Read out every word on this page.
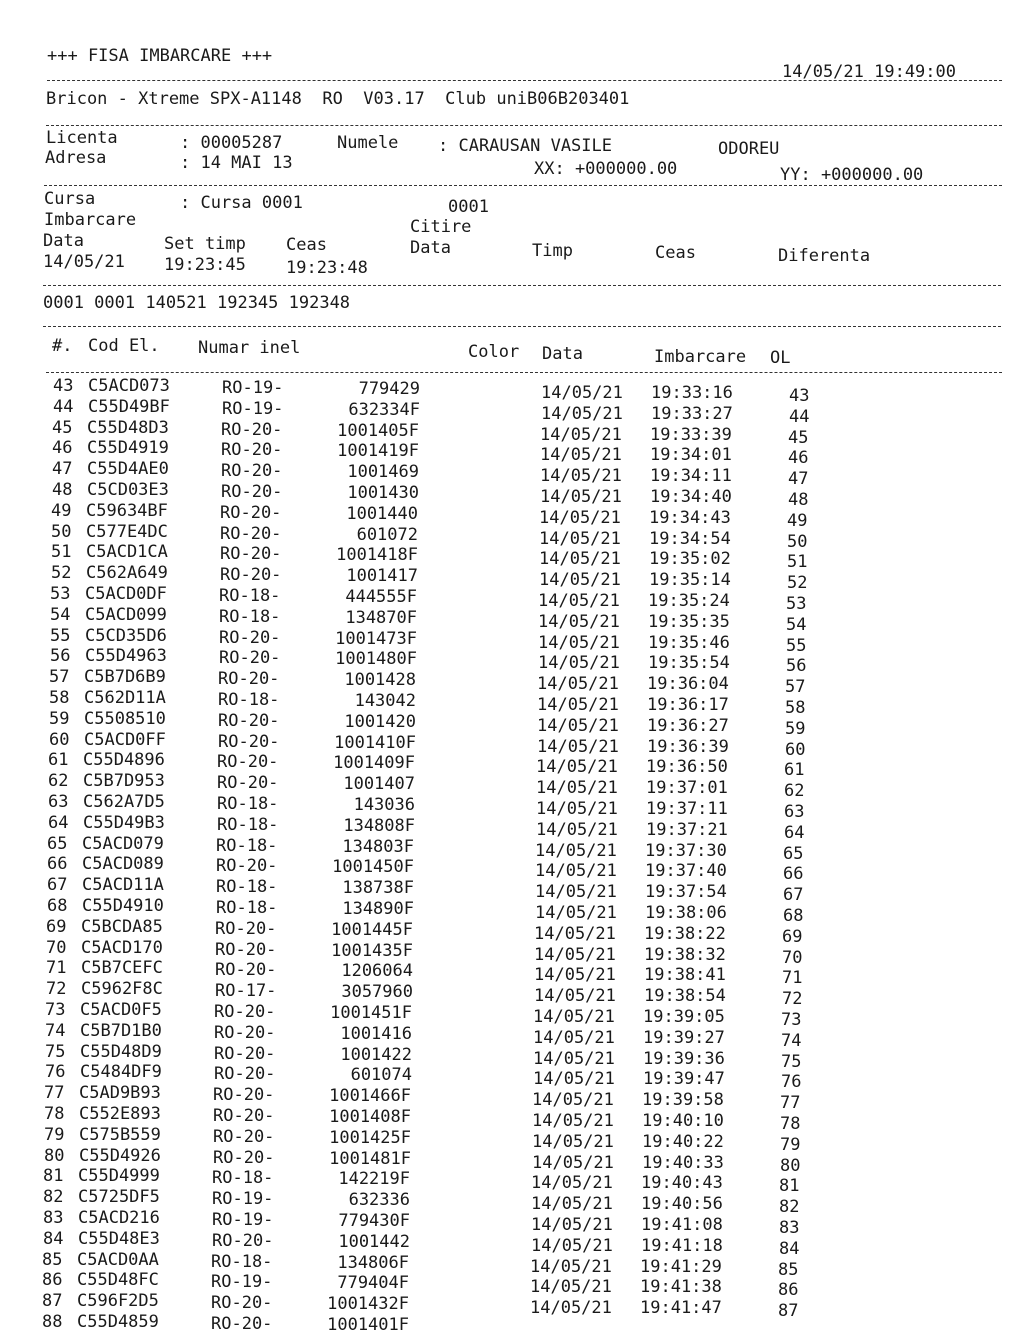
+++ FISA IMBARCARE +++
14/05/21 19:49:00
Bricon - Xtreme SPX-A1148  RO  V03.17  Club uniB06B203401
Licenta	: 00005287	Numele : CARAUSAN VASILE	ODOREU
Adresa	: 14 MAI 13	XX: +000000.00	YY: +000000.00
Cursa	: Cursa 0001	0001
Imbarcare	Citire
Data	Set timp Ceas	Data	Timp	Ceas	Diferenta
14/05/21 19:23:45 19:23:48
0001 0001 140521 192345 192348
#. Cod El. Numar inel	Color Data	Imbarcare OL
43 C5ACD073	RO-19-	779429	14/05/21 19:33:16	43
44 C55D49BF	RO-19-	632334F	14/05/21 19:33:27	44
45 C55D48D3	RO-20-	1001405F	14/05/21 19:33:39	45
46 C55D4919	RO-20-	1001419F	14/05/21 19:34:01	46
47 C55D4AE0	RO-20-	1001469	14/05/21 19:34:11	47
48 C5CD03E3	RO-20-	1001430	14/05/21 19:34:40	48
49 C59634BF	RO-20-	1001440	14/05/21 19:34:43	49
50 C577E4DC	RO-20-	601072	14/05/21 19:34:54	50
51 C5ACD1CA	RO-20-	1001418F	14/05/21 19:35:02	51
52 C562A649	RO-20-	1001417	14/05/21 19:35:14	52
53 C5ACD0DF	RO-18-	444555F	14/05/21 19:35:24	53
54 C5ACD099	RO-18-	134870F	14/05/21 19:35:35	54
55 C5CD35D6	RO-20-	1001473F	14/05/21 19:35:46	55
56 C55D4963	RO-20-	1001480F	14/05/21 19:35:54	56
57 C5B7D6B9	RO-20-	1001428	14/05/21 19:36:04	57
58 C562D11A	RO-18-	143042	14/05/21 19:36:17	58
59 C5508510	RO-20-	1001420	14/05/21 19:36:27	59
60 C5ACD0FF	RO-20-	1001410F	14/05/21 19:36:39	60
61 C55D4896	RO-20-	1001409F	14/05/21 19:36:50	61
62 C5B7D953	RO-20-	1001407	14/05/21 19:37:01	62
63 C562A7D5	RO-18-	143036	14/05/21 19:37:11	63
64 C55D49B3	RO-18-	134808F	14/05/21 19:37:21	64
65 C5ACD079	RO-18-	134803F	14/05/21 19:37:30	65
66 C5ACD089	RO-20-	1001450F	14/05/21 19:37:40	66
67 C5ACD11A	RO-18-	138738F	14/05/21 19:37:54	67
68 C55D4910	RO-18-	134890F	14/05/21 19:38:06	68
69 C5BCDA85	RO-20-	1001445F	14/05/21 19:38:22	69
70 C5ACD170	RO-20-	1001435F	14/05/21 19:38:32	70
71 C5B7CEFC	RO-20-	1206064	14/05/21 19:38:41	71
72 C5962F8C	RO-17-	3057960	14/05/21 19:38:54	72
73 C5ACD0F5	RO-20-	1001451F	14/05/21 19:39:05	73
74 C5B7D1B0	RO-20-	1001416	14/05/21 19:39:27	74
75 C55D48D9	RO-20-	1001422	14/05/21 19:39:36	75
76 C5484DF9	RO-20-	601074	14/05/21 19:39:47	76
77 C5AD9B93	RO-20-	1001466F	14/05/21 19:39:58	77
78 C552E893	RO-20-	1001408F	14/05/21 19:40:10	78
79 C575B559	RO-20-	1001425F	14/05/21 19:40:22	79
80 C55D4926	RO-20-	1001481F	14/05/21 19:40:33	80
81 C55D4999	RO-18-	142219F	14/05/21 19:40:43	81
82 C5725DF5	RO-19-	632336	14/05/21 19:40:56	82
83 C5ACD216	RO-19-	779430F	14/05/21 19:41:08	83
84 C55D48E3	RO-20-	1001442	14/05/21 19:41:18	84
85 C5ACD0AA	RO-18-	134806F	14/05/21 19:41:29	85
86 C55D48FC	RO-19-	779404F	14/05/21 19:41:38	86
87 C596F2D5	RO-20-	1001432F	14/05/21 19:41:47	87
88 C55D4859	RO-20-	1001401F
